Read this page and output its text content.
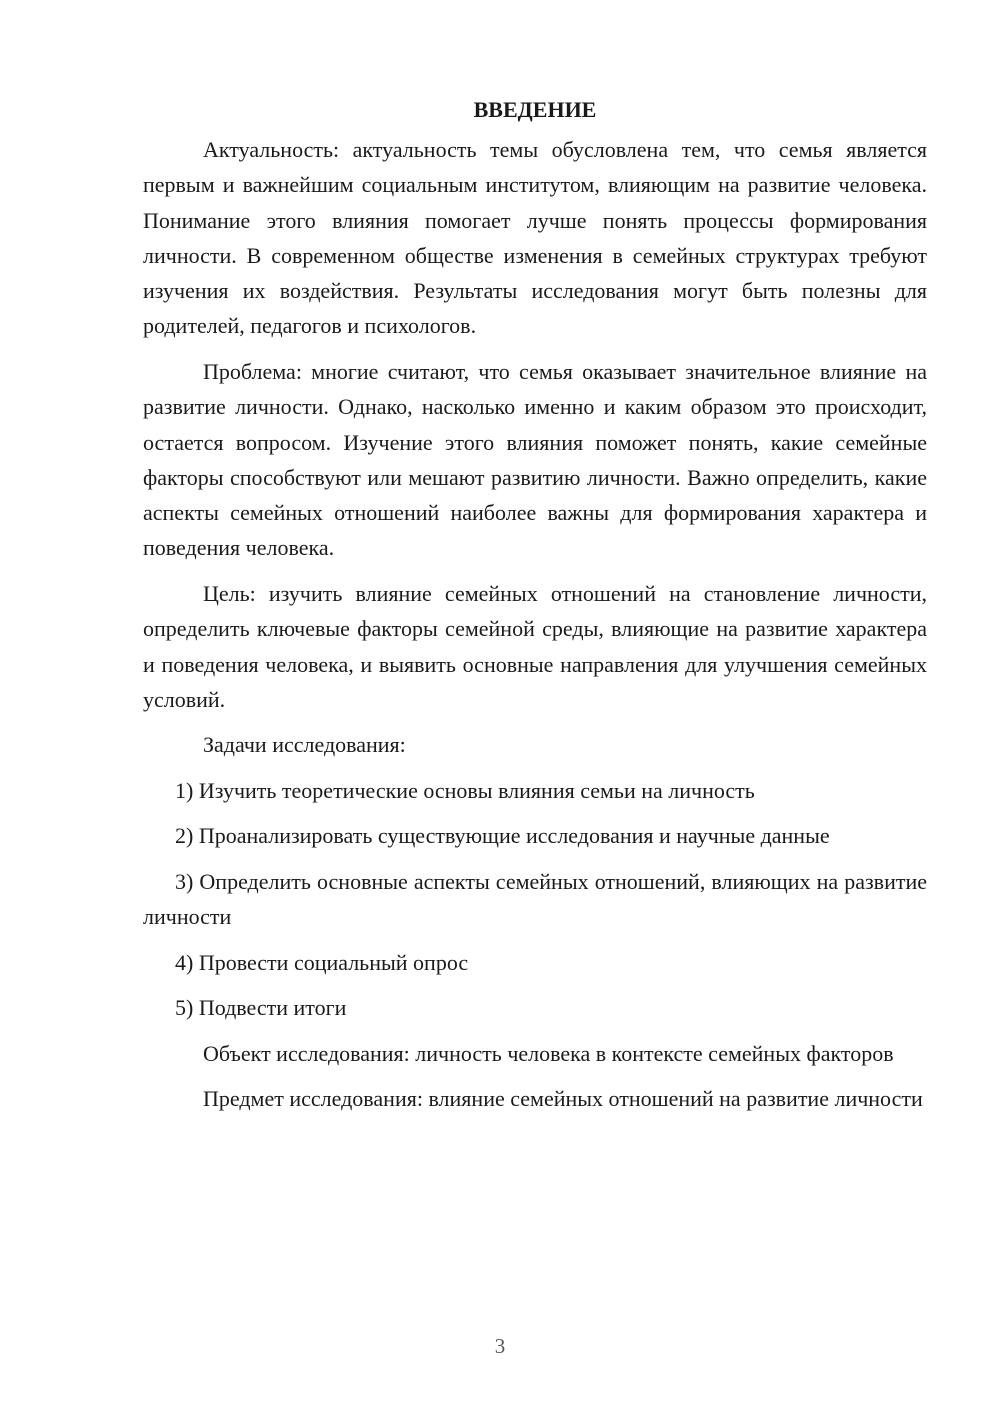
ВВЕДЕНИЕ

Актуальность: актуальность темы обусловлена тем, что семья является первым и важнейшим социальным институтом, влияющим на развитие человека. Понимание этого влияния помогает лучше понять процессы формирования личности. В современном обществе изменения в семейных структурах требуют изучения их воздействия. Результаты исследования могут быть полезны для родителей, педагогов и психологов.

Проблема: многие считают, что семья оказывает значительное влияние на развитие личности. Однако, насколько именно и каким образом это происходит, остается вопросом. Изучение этого влияния поможет понять, какие семейные факторы способствуют или мешают развитию личности. Важно определить, какие аспекты семейных отношений наиболее важны для формирования характера и поведения человека.

Цель: изучить влияние семейных отношений на становление личности, определить ключевые факторы семейной среды, влияющие на развитие характера и поведения человека, и выявить основные направления для улучшения семейных условий.

Задачи исследования:

1) Изучить теоретические основы влияния семьи на личность

2) Проанализировать существующие исследования и научные данные

3) Определить основные аспекты семейных отношений, влияющих на развитие личности

4) Провести социальный опрос

5) Подвести итоги

Объект исследования: личность человека в контексте семейных факторов

Предмет исследования: влияние семейных отношений на развитие личности

3
